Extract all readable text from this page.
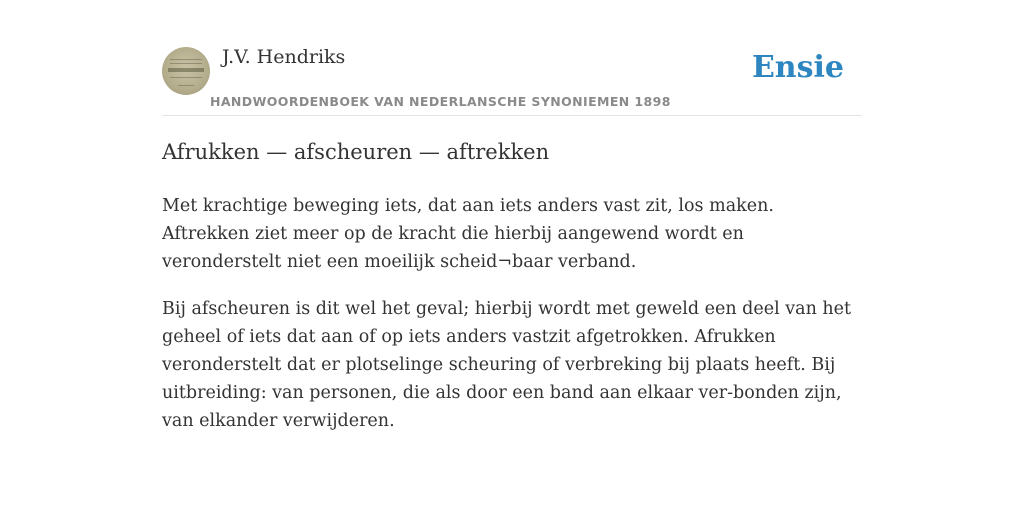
J.V. Hendriks
HANDWOORDENBOEK VAN NEDERLANSCHE SYNONIEMEN 1898
Ensie
Afrukken — afscheuren — aftrekken

Met krachtige beweging iets, dat aan iets anders vast zit, los maken. Aftrekken ziet meer op de kracht die hierbij aangewend wordt en veronderstelt niet een moeilijk scheid¬baar verband.

Bij afscheuren is dit wel het geval; hierbij wordt met geweld een deel van het geheel of iets dat aan of op iets anders vastzit afgetrokken. Afrukken veronderstelt dat er plotselinge scheuring of verbreking bij plaats heeft. Bij uitbreiding: van personen, die als door een band aan elkaar ver-bonden zijn, van elkander verwijderen.
